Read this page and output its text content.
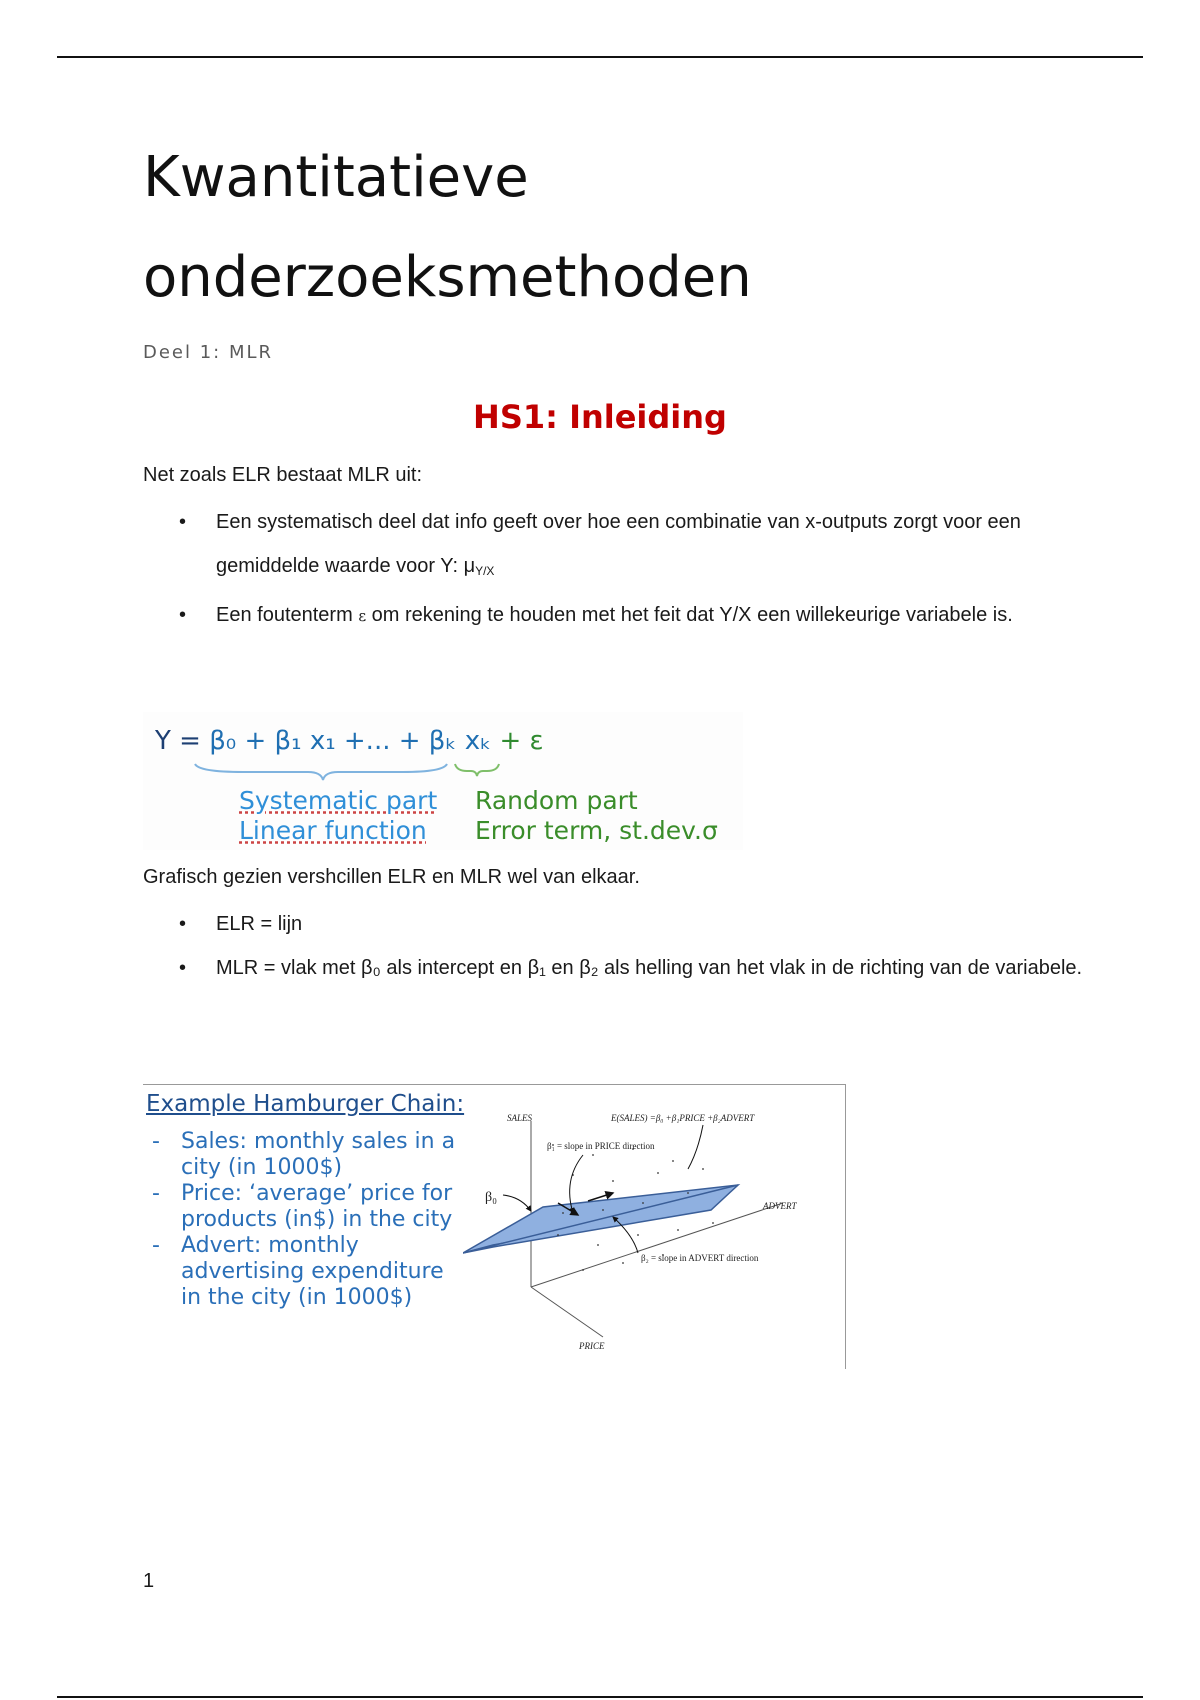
Kwantitatieve
onderzoeksmethoden
Deel 1: MLR
HS1: Inleiding

Net zoals ELR bestaat MLR uit:

• Een systematisch deel dat info geeft over hoe een combinatie van x-outputs zorgt voor een gemiddelde waarde voor Y: $\mu_{Y/X}$
• Een foutenterm ε om rekening te houden met het feit dat Y/X een willekeurige variabele is.
Y = β₀ + β₁ x₁ +... + βₖ xₖ + ε
Systematic part
Linear function
Random part
Error term, st.dev.σ

Grafisch gezien vershcillen ELR en MLR wel van elkaar.

• ELR = lijn
• MLR = vlak met β₀ als intercept en β₁ en β₂ als helling van het vlak in de richting van de variabele.
Example Hamburger Chain:
- Sales: monthly sales in a city (in 1000$)
- Price: ‘average’ price for products (in$) in the city
- Advert: monthly advertising expenditure in the city (in 1000$)
SALES
ADVERT
PRICE
E(SALES) =β₀ +β₁PRICE +β₂ADVERT
β₀
β₁ = slope in PRICE direction
β₂ = slope in ADVERT direction
1
